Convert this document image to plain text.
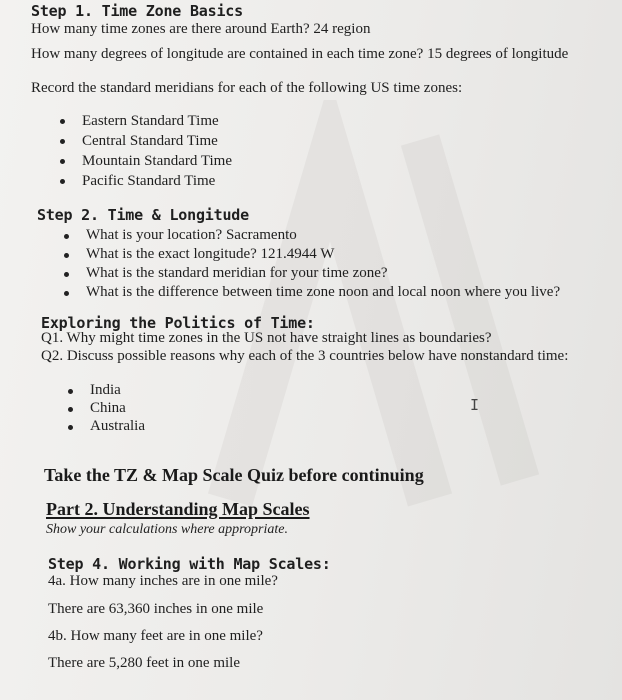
Step 1. Time Zone Basics
How many time zones are there around Earth? 24 region
How many degrees of longitude are contained in each time zone? 15 degrees of longitude
Record the standard meridians for each of the following US time zones:
Eastern Standard Time
Central Standard Time
Mountain Standard Time
Pacific Standard Time
Step 2. Time & Longitude
What is your location? Sacramento
What is the exact longitude? 121.4944 W
What is the standard meridian for your time zone?
What is the difference between time zone noon and local noon where you live?
Exploring the Politics of Time:
Q1. Why might time zones in the US not have straight lines as boundaries?
Q2. Discuss possible reasons why each of the 3 countries below have nonstandard time:
India
China
Australia
I
Take the TZ & Map Scale Quiz before continuing
Part 2. Understanding Map Scales
Show your calculations where appropriate.
Step 4. Working with Map Scales:
4a. How many inches are in one mile?
There are 63,360 inches in one mile
4b. How many feet are in one mile?
There are 5,280 feet in one mile
